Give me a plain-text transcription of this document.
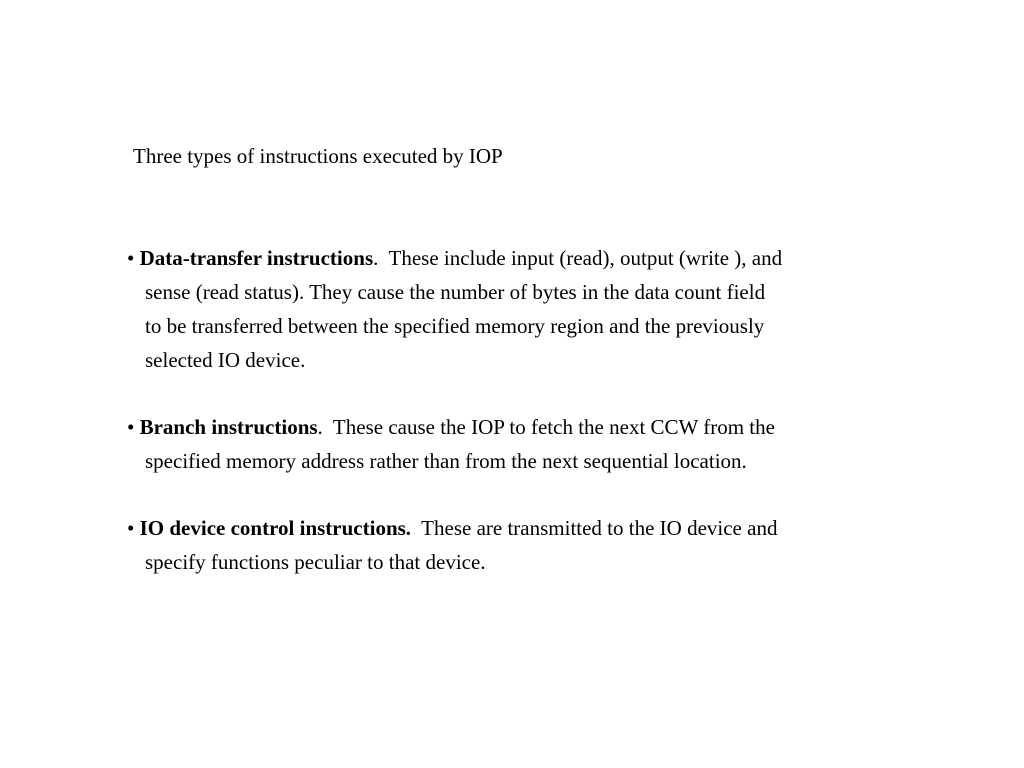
Three types of instructions executed by IOP
• Data-transfer instructions. These include input (read), output (write ), and
sense (read status). They cause the number of bytes in the data count field
to be transferred between the specified memory region and the previously
selected IO device.
• Branch instructions. These cause the IOP to fetch the next CCW from the
specified memory address rather than from the next sequential location.
• IO device control instructions. These are transmitted to the IO device and
specify functions peculiar to that device.
